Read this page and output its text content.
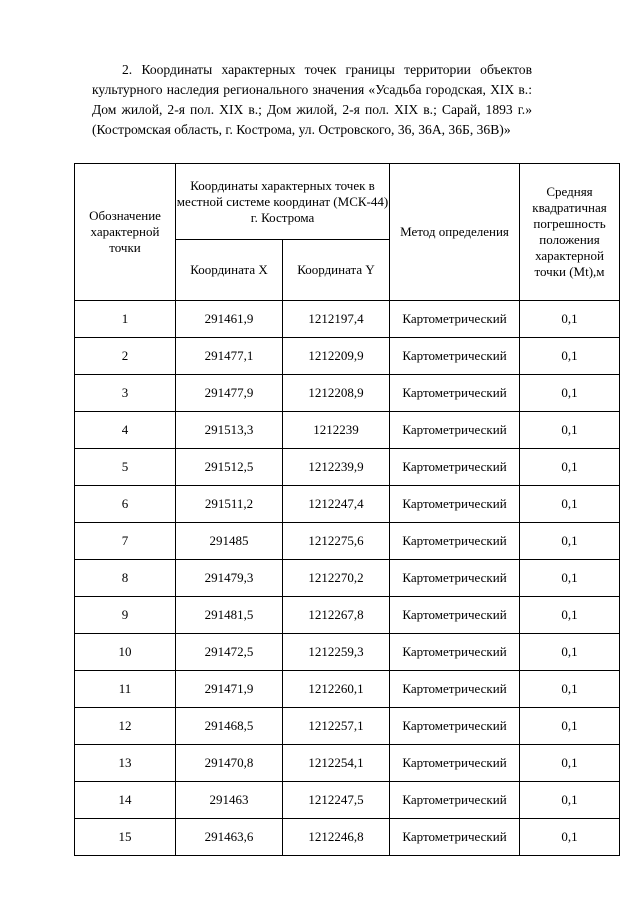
2. Координаты характерных точек границы территории объектов культурного наследия регионального значения «Усадьба городская, XIX в.: Дом жилой, 2-я пол. XIX в.; Дом жилой, 2-я пол. XIX в.; Сарай, 1893 г.» (Костромская область, г. Кострома, ул. Островского, 36, 36А, 36Б, 36В)»

Обозначение характерной точки	Координаты характерных точек в местной системе координат (МСК-44) г. Кострома		Метод определения	Средняя квадратичная погрешность положения характерной точки (Mt),м
	Координата X	Координата Y		
1	291461,9	1212197,4	Картометрический	0,1
2	291477,1	1212209,9	Картометрический	0,1
3	291477,9	1212208,9	Картометрический	0,1
4	291513,3	1212239	Картометрический	0,1
5	291512,5	1212239,9	Картометрический	0,1
6	291511,2	1212247,4	Картометрический	0,1
7	291485	1212275,6	Картометрический	0,1
8	291479,3	1212270,2	Картометрический	0,1
9	291481,5	1212267,8	Картометрический	0,1
10	291472,5	1212259,3	Картометрический	0,1
11	291471,9	1212260,1	Картометрический	0,1
12	291468,5	1212257,1	Картометрический	0,1
13	291470,8	1212254,1	Картометрический	0,1
14	291463	1212247,5	Картометрический	0,1
15	291463,6	1212246,8	Картометрический	0,1
